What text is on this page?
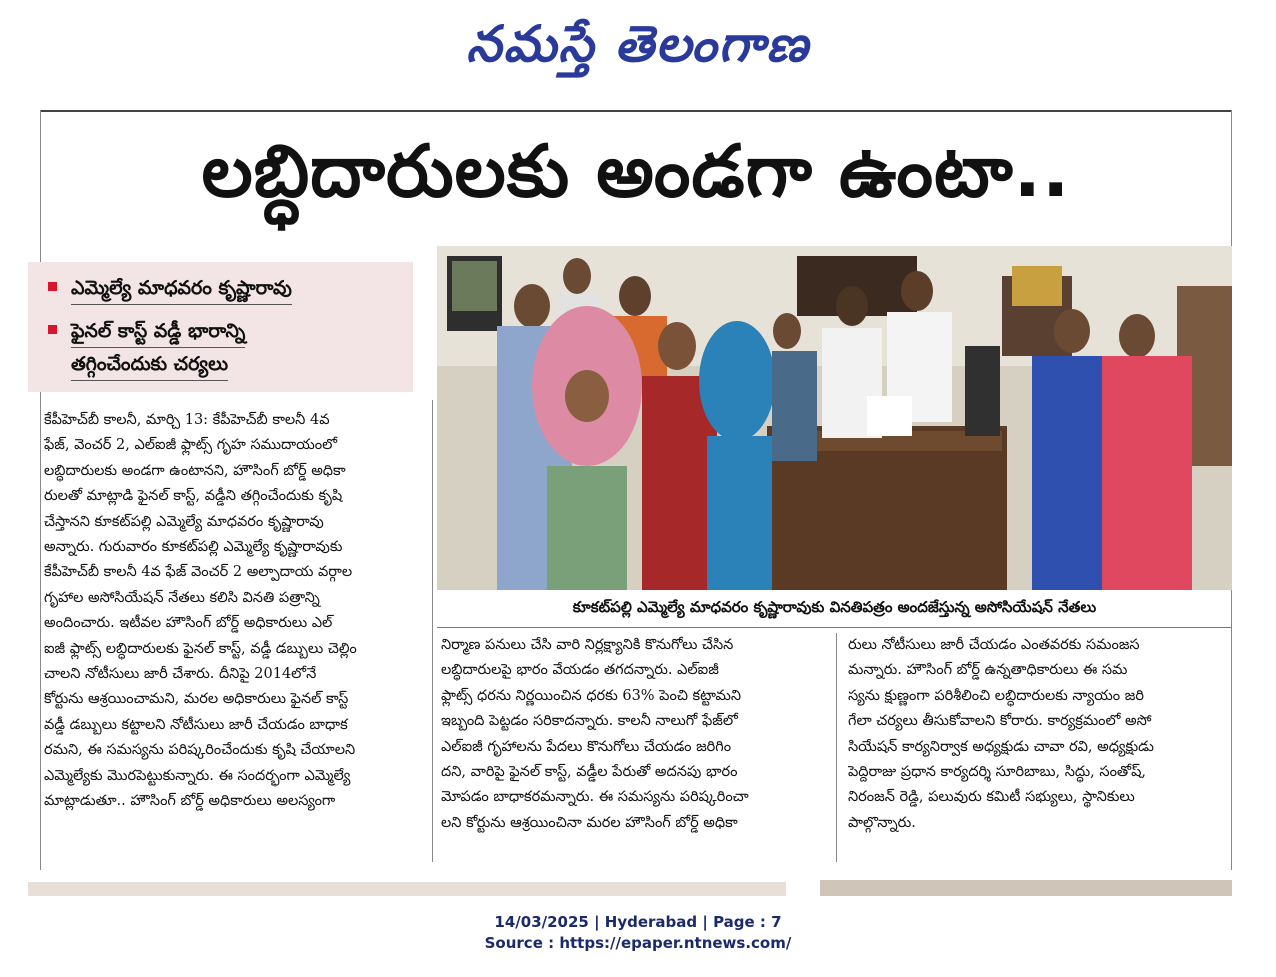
నమస్తే తెలంగాణ
లబ్ధిదారులకు అండగా ఉంటా..
ఎమ్మెల్యే మాధవరం కృష్ణారావు
ఫైనల్ కాస్ట్ వడ్డీ భారాన్ని
తగ్గించేందుకు చర్యలు
కూకట్‌పల్లి ఎమ్మెల్యే మాధవరం కృష్ణారావుకు వినతిపత్రం అందజేస్తున్న అసోసియేషన్ నేతలు
కేపీహెచ్‌బీ కాలనీ, మార్చి 13: కేపీహెచ్‌బీ కాలనీ 4వ
ఫేజ్, వెంచర్ 2, ఎల్‌ఐజీ ఫ్లాట్స్ గృహ సముదాయంలో
లబ్ధిదారులకు అండగా ఉంటానని, హౌసింగ్ బోర్డ్ అధికా
రులతో మాట్లాడి ఫైనల్ కాస్ట్, వడ్డీని తగ్గించేందుకు కృషి
చేస్తానని కూకట్‌పల్లి ఎమ్మెల్యే మాధవరం కృష్ణారావు
అన్నారు. గురువారం కూకట్‌పల్లి ఎమ్మెల్యే కృష్ణారావుకు
కేపీహెచ్‌బీ కాలనీ 4వ ఫేజ్ వెంచర్ 2 అల్పాదాయ వర్గాల
గృహాల అసోసియేషన్ నేతలు కలిసి వినతి పత్రాన్ని
అందించారు. ఇటీవల హౌసింగ్ బోర్డ్ అధికారులు ఎల్
ఐజీ ఫ్లాట్స్ లబ్ధిదారులకు ఫైనల్ కాస్ట్, వడ్డీ డబ్బులు చెల్లిం
చాలని నోటీసులు జారీ చేశారు. దీనిపై 2014లోనే
కోర్టును ఆశ్రయించామని, మరల అధికారులు ఫైనల్ కాస్ట్
వడ్డీ డబ్బులు కట్టాలని నోటీసులు జారీ చేయడం బాధాక
రమని, ఈ సమస్యను పరిష్కరించేందుకు కృషి చేయాలని
ఎమ్మెల్యేకు మొరపెట్టుకున్నారు. ఈ సందర్భంగా ఎమ్మెల్యే
మాట్లాడుతూ.. హౌసింగ్ బోర్డ్ అధికారులు అలస్యంగా
నిర్మాణ పనులు చేసి వారి నిర్లక్ష్యానికి కొనుగోలు చేసిన
లబ్ధిదారులపై భారం వేయడం తగదన్నారు. ఎల్‌ఐజీ
ఫ్లాట్స్ ధరను నిర్ణయించిన ధరకు 63% పెంచి కట్టామని
ఇబ్బంది పెట్టడం సరికాదన్నారు. కాలనీ నాలుగో ఫేజ్‌లో
ఎల్‌ఐజీ గృహాలను పేదలు కొనుగోలు చేయడం జరిగిం
దని, వారిపై ఫైనల్ కాస్ట్, వడ్డీల పేరుతో అదనపు భారం
మోపడం బాధాకరమన్నారు. ఈ సమస్యను పరిష్కరించా
లని కోర్టును ఆశ్రయించినా మరల హౌసింగ్ బోర్డ్ అధికా
రులు నోటీసులు జారీ చేయడం ఎంతవరకు సమంజస
మన్నారు. హౌసింగ్ బోర్డ్ ఉన్నతాధికారులు ఈ సమ
స్యను క్షుణ్ణంగా పరిశీలించి లబ్ధిదారులకు న్యాయం జరి
గేలా చర్యలు తీసుకోవాలని కోరారు. కార్యక్రమంలో అసో
సియేషన్ కార్యనిర్వాక అధ్యక్షుడు చావా రవి, అధ్యక్షుడు
పెద్దిరాజు ప్రధాన కార్యదర్శి సూరిబాబు, సిద్ధు, సంతోష్,
నిరంజన్ రెడ్డి, పలువురు కమిటీ సభ్యులు, స్థానికులు
పాల్గొన్నారు.
14/03/2025 | Hyderabad | Page : 7
Source : https://epaper.ntnews.com/
